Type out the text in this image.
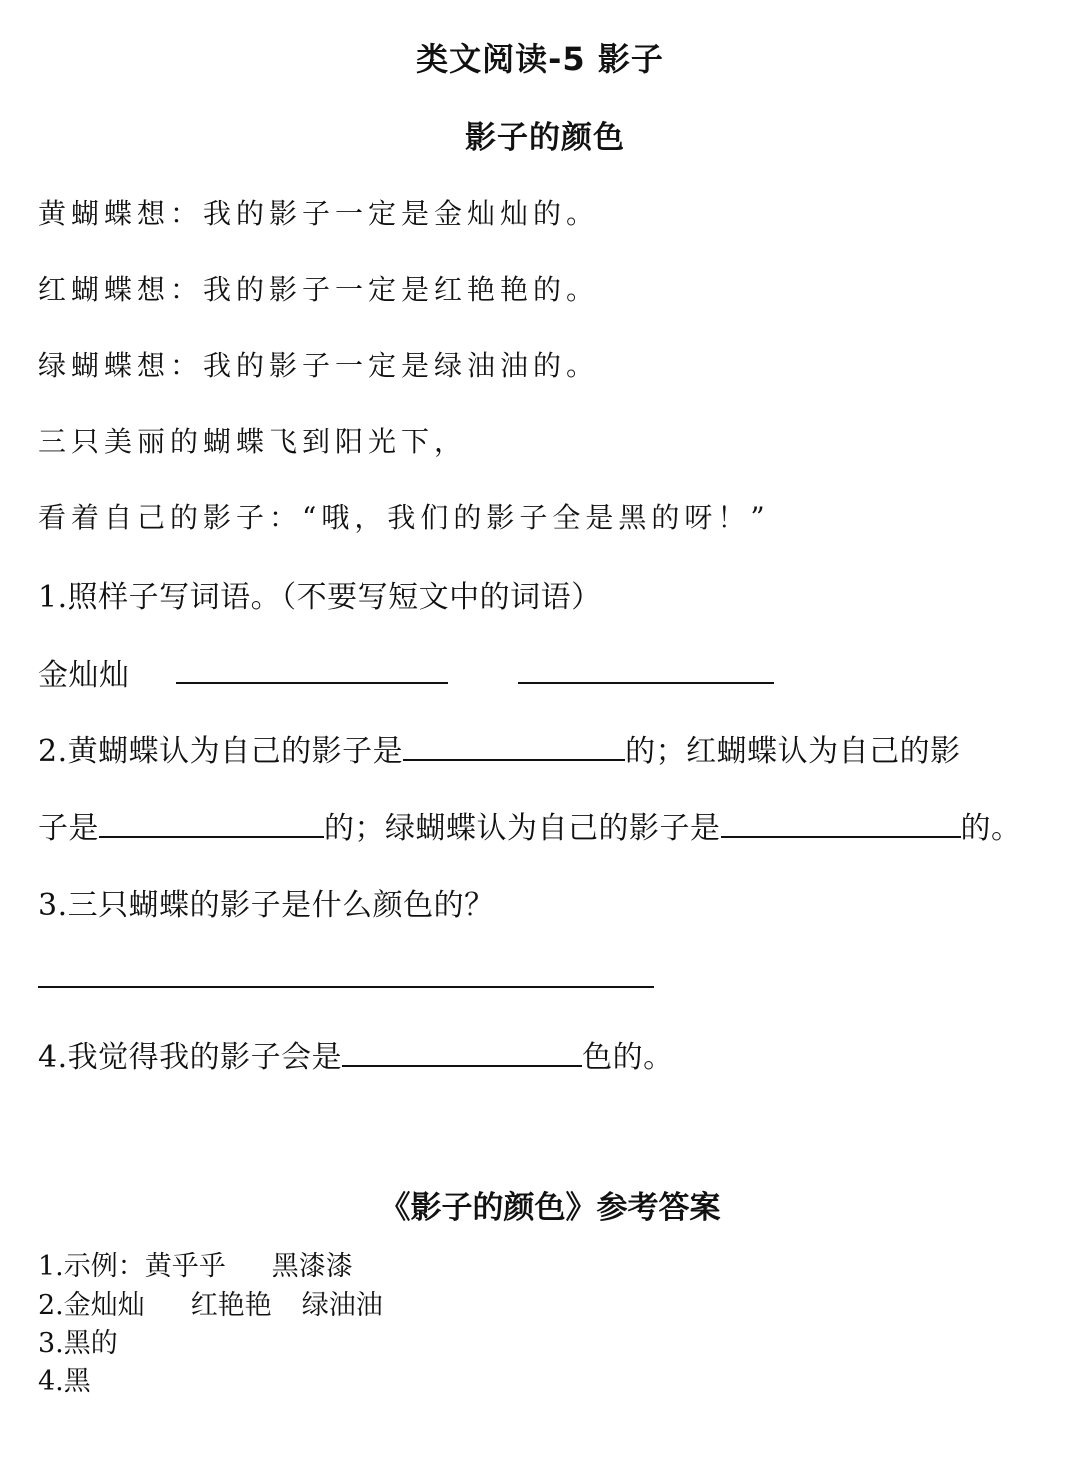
类文阅读-5 影子
影子的颜色
黄蝴蝶想：我的影子一定是金灿灿的。
红蝴蝶想：我的影子一定是红艳艳的。
绿蝴蝶想：我的影子一定是绿油油的。
三只美丽的蝴蝶飞到阳光下，
看着自己的影子：“哦，我们的影子全是黑的呀！”
1.照样子写词语。（不要写短文中的词语）
金灿灿
2.黄蝴蝶认为自己的影子是	的；红蝴蝶认为自己的影
子是	的；绿蝴蝶认为自己的影子是	的。
3.三只蝴蝶的影子是什么颜色的？
4.我觉得我的影子会是	色的。
《影子的颜色》参考答案
1.示例：黄乎乎 黑漆漆
2.金灿灿 红艳艳 绿油油
3.黑的
4.黑
